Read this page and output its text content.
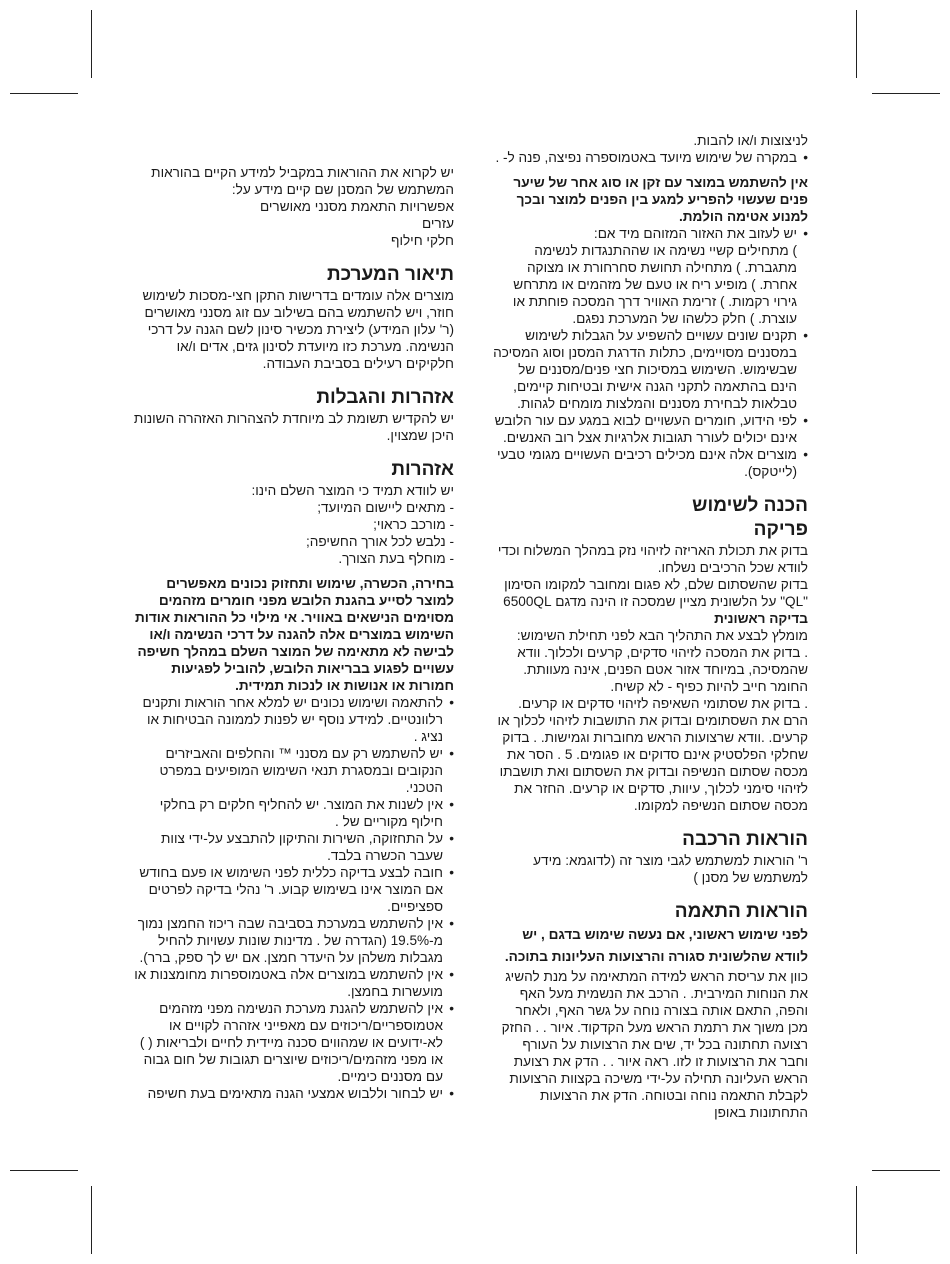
לניצוצות ו/או להבות.

• במקרה של שימוש מיועד באטמוספרה נפיצה, פנה ל- .

אין להשתמש במוצר עם זקן או סוג אחר של שיער פנים שעשוי להפריע למגע בין הפנים למוצר ובכך למנוע אטימה הולמת.

• יש לעזוב את האזור המזוהם מיד אם:

) מתחילים קשיי נשימה או שההתנגדות לנשימה מתגברת. ) מתחילה תחושת סחרחורת או מצוקה אחרת. ) מופיע ריח או טעם של מזהמים או מתרחש גירוי רקמות. ) זרימת האוויר דרך המסכה פוחתת או עוצרת. ) חלק כלשהו של המערכת נפגם.

• תקנים שונים עשויים להשפיע על הגבלות לשימוש במסננים מסויימים, כתלות הדרגת המסנן וסוג המסיכה שבשימוש. השימוש במסיכות חצי פנים/מסננים של הינם בהתאמה לתקני הגנה אישית ובטיחות קיימים, טבלאות לבחירת מסננים והמלצות מומחים לגהות.

• לפי הידוע, חומרים העשויים לבוא במגע עם עור הלובש אינם יכולים לעורר תגובות אלרגיות אצל רוב האנשים.

• מוצרים אלה אינם מכילים רכיבים העשויים מגומי טבעי (לייטקס).

הכנה לשימוש
פריקה

בדוק את תכולת האריזה לזיהוי נזק במהלך המשלוח וכדי לוודא שכל הרכיבים נשלחו.

בדוק שהשסתום שלם, לא פגום ומחובר למקומו הסימון "QL" על הלשונית מציין שמסכה זו הינה מדגם 6500QL

בדיקה ראשונית

מומלץ לבצע את התהליך הבא לפני תחילת השימוש:

. בדוק את המסכה לזיהוי סדקים, קרעים ולכלוך. וודא שהמסיכה, במיוחד אזור אטם הפנים, אינה מעוותת. החומר חייב להיות כפיף - לא קשיח.

. בדוק את שסתומי השאיפה לזיהוי סדקים או קרעים. הרם את השסתומים ובדוק את התושבות לזיהוי לכלוך או קרעים. .וודא שרצועות הראש מחוברות וגמישות. . בדוק שחלקי הפלסטיק אינם סדוקים או פגומים. 5 . הסר את מכסה שסתום הנשיפה ובדוק את השסתום ואת תושבתו לזיהוי סימני לכלוך, עיוות, סדקים או קרעים. החזר את מכסה שסתום הנשיפה למקומו.

הוראות הרכבה

ר' הוראות למשתמש לגבי מוצר זה (לדוגמא: מידע למשתמש של מסנן )

הוראות התאמה

לפני שימוש ראשוני, אם נעשה שימוש בדגם , יש לוודא שהלשונית סגורה והרצועות העליונות בתוכה.

כוון את עריסת הראש למידה המתאימה על מנת להשיג את הנוחות המירבית. . הרכב את הנשמית מעל האף והפה, התאם אותה בצורה נוחה על גשר האף, ולאחר מכן משוך את רתמת הראש מעל הקדקוד. איור . . החזק רצועה תחתונה בכל יד, שים את הרצועות על העורף וחבר את הרצועות זו לזו. ראה איור . . הדק את רצועת הראש העליונה תחילה על-ידי משיכה בקצוות הרצועות לקבלת התאמה נוחה ובטוחה. הדק את הרצועות התחתונות באופן

יש לקרוא את ההוראות במקביל למידע הקיים בהוראות המשתמש של המסנן שם קיים מידע על:

אפשרויות התאמת מסנני מאושרים

עזרים

חלקי חילוף

תיאור המערכת

מוצרים אלה עומדים בדרישות התקן חצי-מסכות לשימוש חוזר, ויש להשתמש בהם בשילוב עם זוג מסנני מאושרים (ר' עלון המידע) ליצירת מכשיר סינון לשם הגנה על דרכי הנשימה. מערכת כזו מיועדת לסינון גזים, אדים ו/או חלקיקים רעילים בסביבת העבודה.

אזהרות והגבלות

יש להקדיש תשומת לב מיוחדת להצהרות האזהרה השונות היכן שמצוין.

אזהרות

יש לוודא תמיד כי המוצר השלם הינו:

- מתאים ליישום המיועד;

- מורכב כראוי;

- נלבש לכל אורך החשיפה;

- מוחלף בעת הצורך.

בחירה, הכשרה, שימוש ותחזוק נכונים מאפשרים למוצר לסייע בהגנת הלובש מפני חומרים מזהמים מסוימים הנישאים באוויר. אי מילוי כל ההוראות אודות השימוש במוצרים אלה להגנה על דרכי הנשימה ו/או לבישה לא מתאימה של המוצר השלם במהלך חשיפה עשויים לפגוע בבריאות הלובש, להוביל לפגיעות חמורות או אנושות או לנכות תמידית.

• להתאמה ושימוש נכונים יש למלא אחר הוראות ותקנים רלוונטיים. למידע נוסף יש לפנות לממונה הבטיחות או נציג .

• יש להשתמש רק עם מסנני ™ והחלפים והאביזרים הנקובים ובמסגרת תנאי השימוש המופיעים במפרט הטכני.

• אין לשנות את המוצר. יש להחליף חלקים רק בחלקי חילוף מקוריים של .

• על התחזוקה, השירות והתיקון להתבצע על-ידי צוות שעבר הכשרה בלבד.

• חובה לבצע בדיקה כללית לפני השימוש או פעם בחודש אם המוצר אינו בשימוש קבוע. ר' נהלי בדיקה לפרטים ספציפיים.

• אין להשתמש במערכת בסביבה שבה ריכוז החמצן נמוך מ-19.5% (הגדרה של . מדינות שונות עשויות להחיל מגבלות משלהן על היעדר חמצן. אם יש לך ספק, ברר).

• אין להשתמש במוצרים אלה באטמוספרות מחומצנות או מועשרות בחמצן.

• אין להשתמש להגנת מערכת הנשימה מפני מזהמים אטמוספריים/ריכוזים עם מאפייני אזהרה לקויים או לא-ידועים או שמהווים סכנה מיידית לחיים ולבריאות ( ) או מפני מזהמים/ריכוזים שיוצרים תגובות של חום גבוה עם מסננים כימיים.

• יש לבחור וללבוש אמצעי הגנה מתאימים בעת חשיפה
